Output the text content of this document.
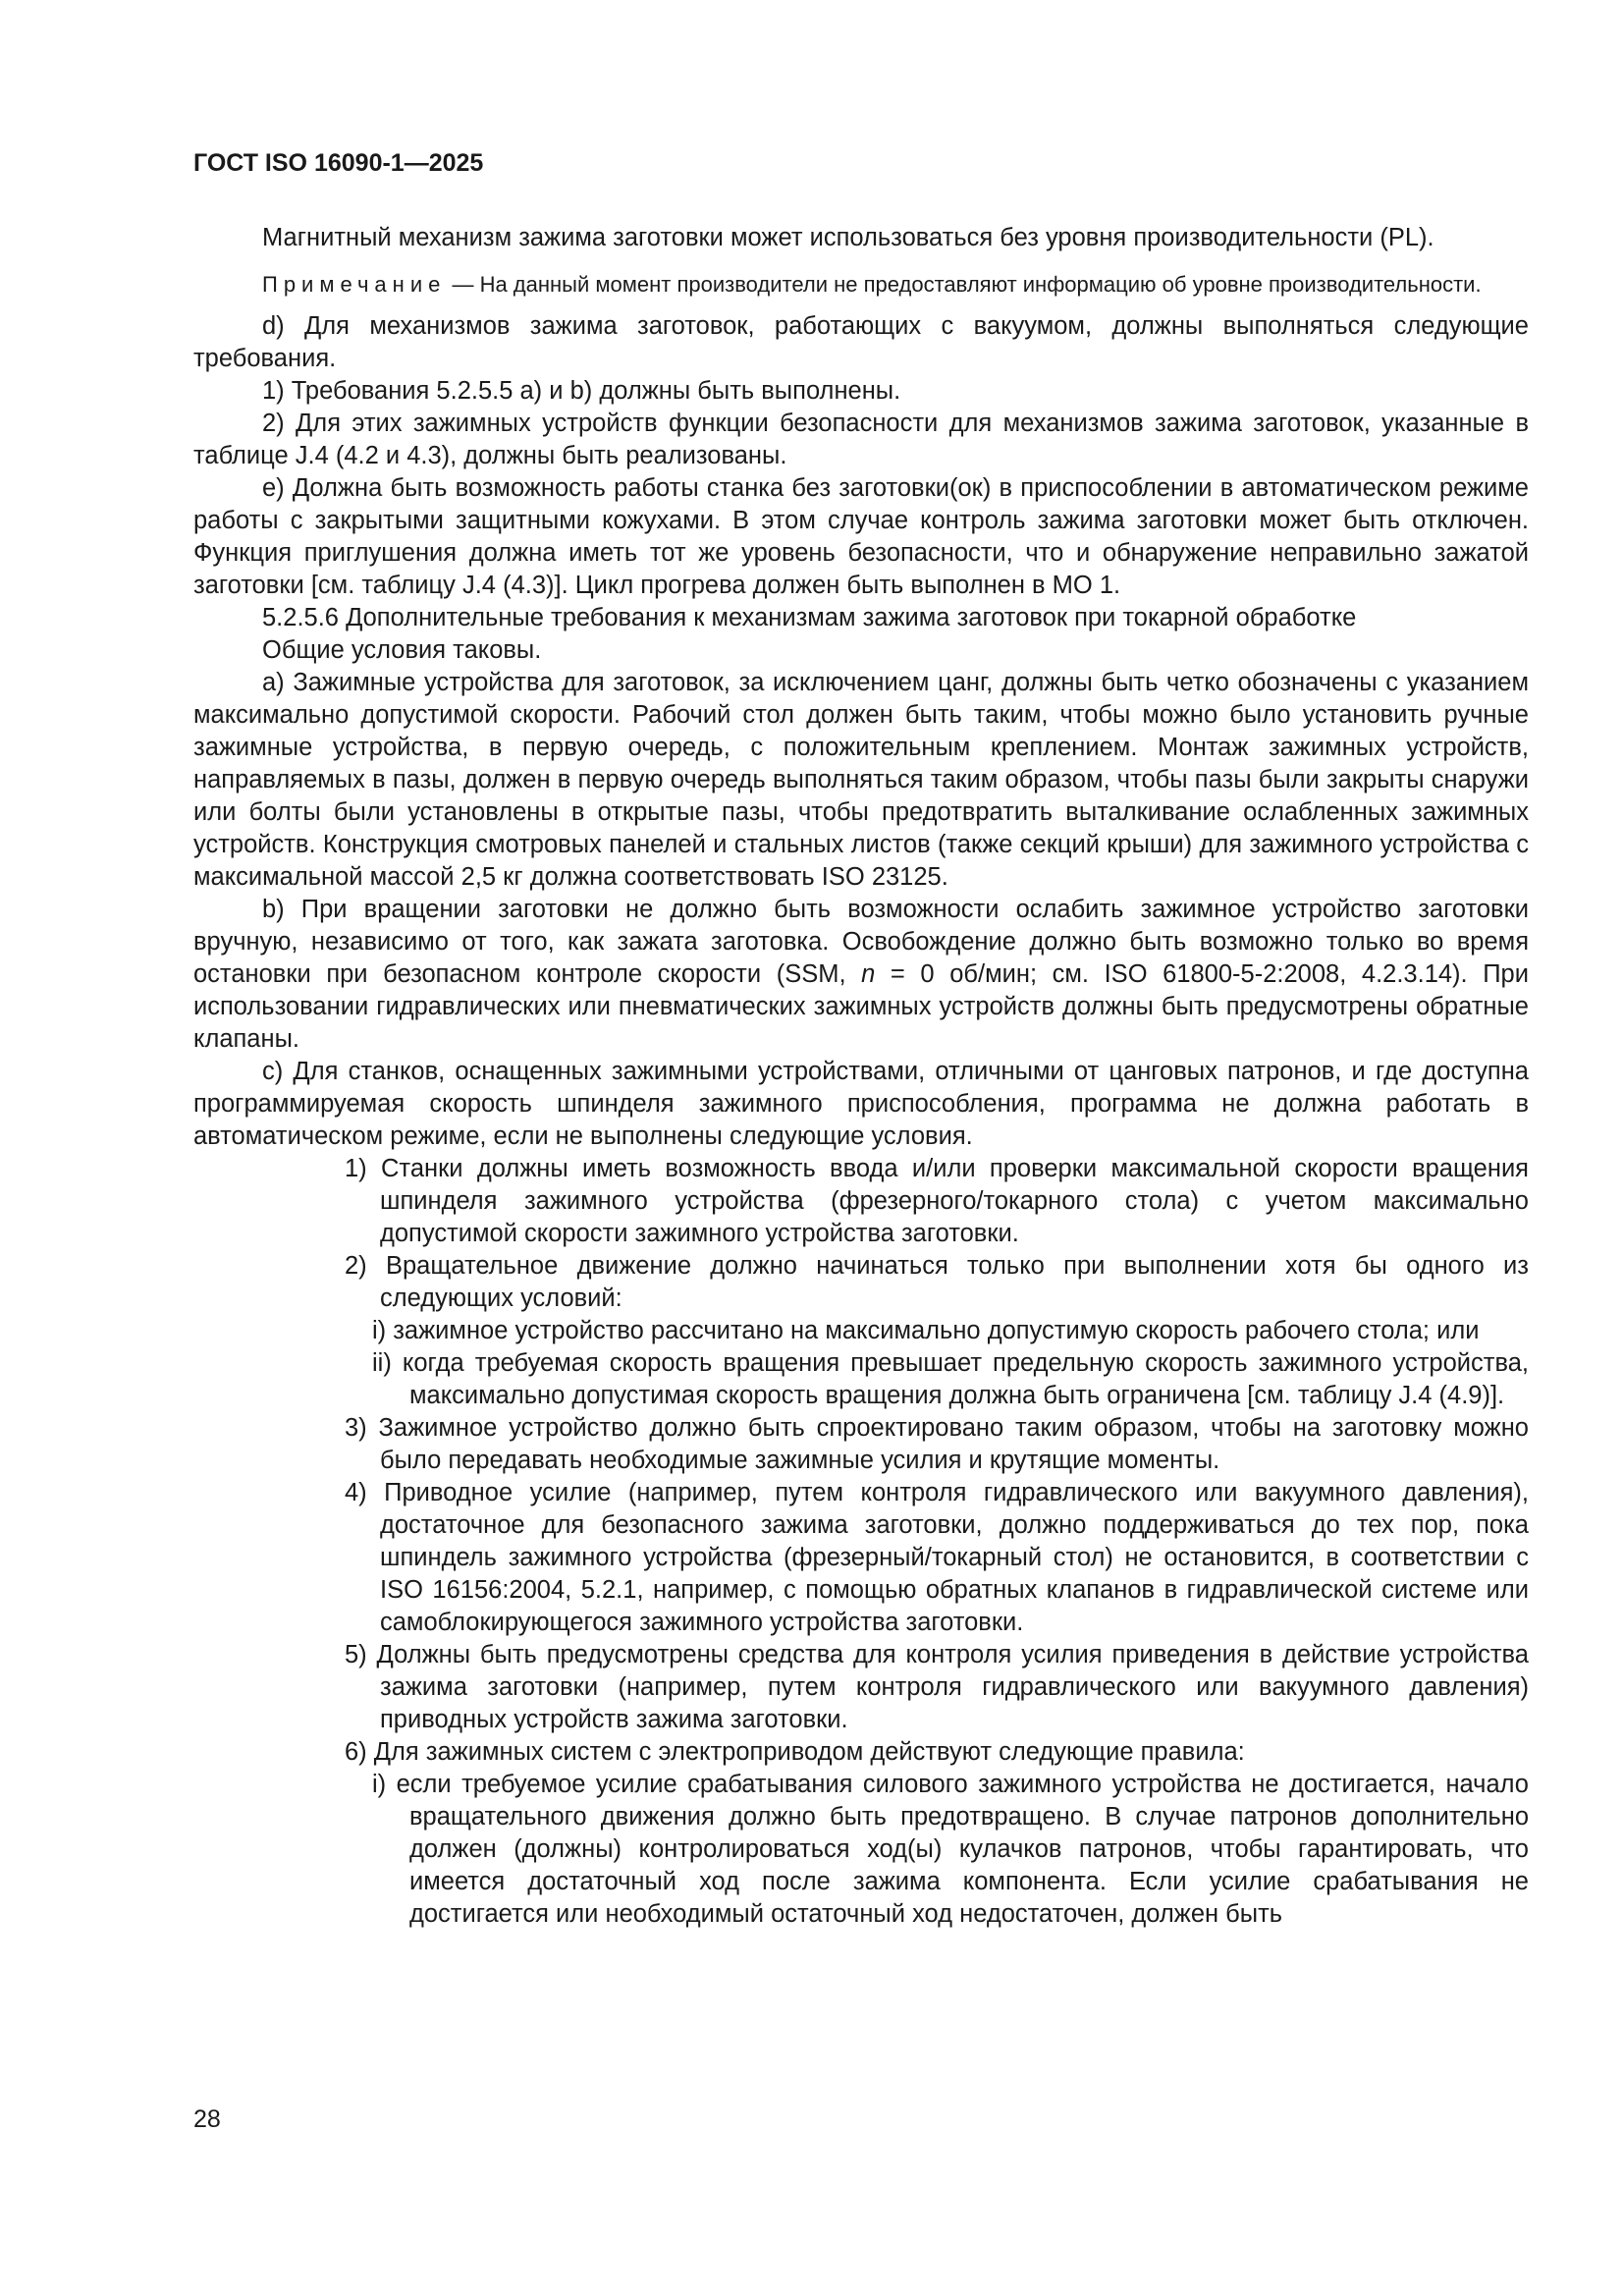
ГОСТ ISO 16090-1—2025

Магнитный механизм зажима заготовки может использоваться без уровня производительности (PL).

Примечание — На данный момент производители не предоставляют информацию об уровне производительности.

d) Для механизмов зажима заготовок, работающих с вакуумом, должны выполняться следующие требования.

1) Требования 5.2.5.5 a) и b) должны быть выполнены.

2) Для этих зажимных устройств функции безопасности для механизмов зажима заготовок, указанные в таблице J.4 (4.2 и 4.3), должны быть реализованы.

e) Должна быть возможность работы станка без заготовки(ок) в приспособлении в автоматическом режиме работы с закрытыми защитными кожухами. В этом случае контроль зажима заготовки может быть отключен. Функция приглушения должна иметь тот же уровень безопасности, что и обнаружение неправильно зажатой заготовки [см. таблицу J.4 (4.3)]. Цикл прогрева должен быть выполнен в МО 1.

5.2.5.6 Дополнительные требования к механизмам зажима заготовок при токарной обработке

Общие условия таковы.

a) Зажимные устройства для заготовок, за исключением цанг, должны быть четко обозначены с указанием максимально допустимой скорости. Рабочий стол должен быть таким, чтобы можно было установить ручные зажимные устройства, в первую очередь, с положительным креплением. Монтаж зажимных устройств, направляемых в пазы, должен в первую очередь выполняться таким образом, чтобы пазы были закрыты снаружи или болты были установлены в открытые пазы, чтобы предотвратить выталкивание ослабленных зажимных устройств. Конструкция смотровых панелей и стальных листов (также секций крыши) для зажимного устройства с максимальной массой 2,5 кг должна соответствовать ISO 23125.

b) При вращении заготовки не должно быть возможности ослабить зажимное устройство заготовки вручную, независимо от того, как зажата заготовка. Освобождение должно быть возможно только во время остановки при безопасном контроле скорости (SSM, n = 0 об/мин; см. ISO 61800-5-2:2008, 4.2.3.14). При использовании гидравлических или пневматических зажимных устройств должны быть предусмотрены обратные клапаны.

c) Для станков, оснащенных зажимными устройствами, отличными от цанговых патронов, и где доступна программируемая скорость шпинделя зажимного приспособления, программа не должна работать в автоматическом режиме, если не выполнены следующие условия.

1) Станки должны иметь возможность ввода и/или проверки максимальной скорости вращения шпинделя зажимного устройства (фрезерного/токарного стола) с учетом максимально допустимой скорости зажимного устройства заготовки.

2) Вращательное движение должно начинаться только при выполнении хотя бы одного из следующих условий:

i) зажимное устройство рассчитано на максимально допустимую скорость рабочего стола; или

ii) когда требуемая скорость вращения превышает предельную скорость зажимного устройства, максимально допустимая скорость вращения должна быть ограничена [см. таблицу J.4 (4.9)].

3) Зажимное устройство должно быть спроектировано таким образом, чтобы на заготовку можно было передавать необходимые зажимные усилия и крутящие моменты.

4) Приводное усилие (например, путем контроля гидравлического или вакуумного давления), достаточное для безопасного зажима заготовки, должно поддерживаться до тех пор, пока шпиндель зажимного устройства (фрезерный/токарный стол) не остановится, в соответствии с ISO 16156:2004, 5.2.1, например, с помощью обратных клапанов в гидравлической системе или самоблокирующегося зажимного устройства заготовки.

5) Должны быть предусмотрены средства для контроля усилия приведения в действие устройства зажима заготовки (например, путем контроля гидравлического или вакуумного давления) приводных устройств зажима заготовки.

6) Для зажимных систем с электроприводом действуют следующие правила:

i) если требуемое усилие срабатывания силового зажимного устройства не достигается, начало вращательного движения должно быть предотвращено. В случае патронов дополнительно должен (должны) контролироваться ход(ы) кулачков патронов, чтобы гарантировать, что имеется достаточный ход после зажима компонента. Если усилие срабатывания не достигается или необходимый остаточный ход недостаточен, должен быть

28
